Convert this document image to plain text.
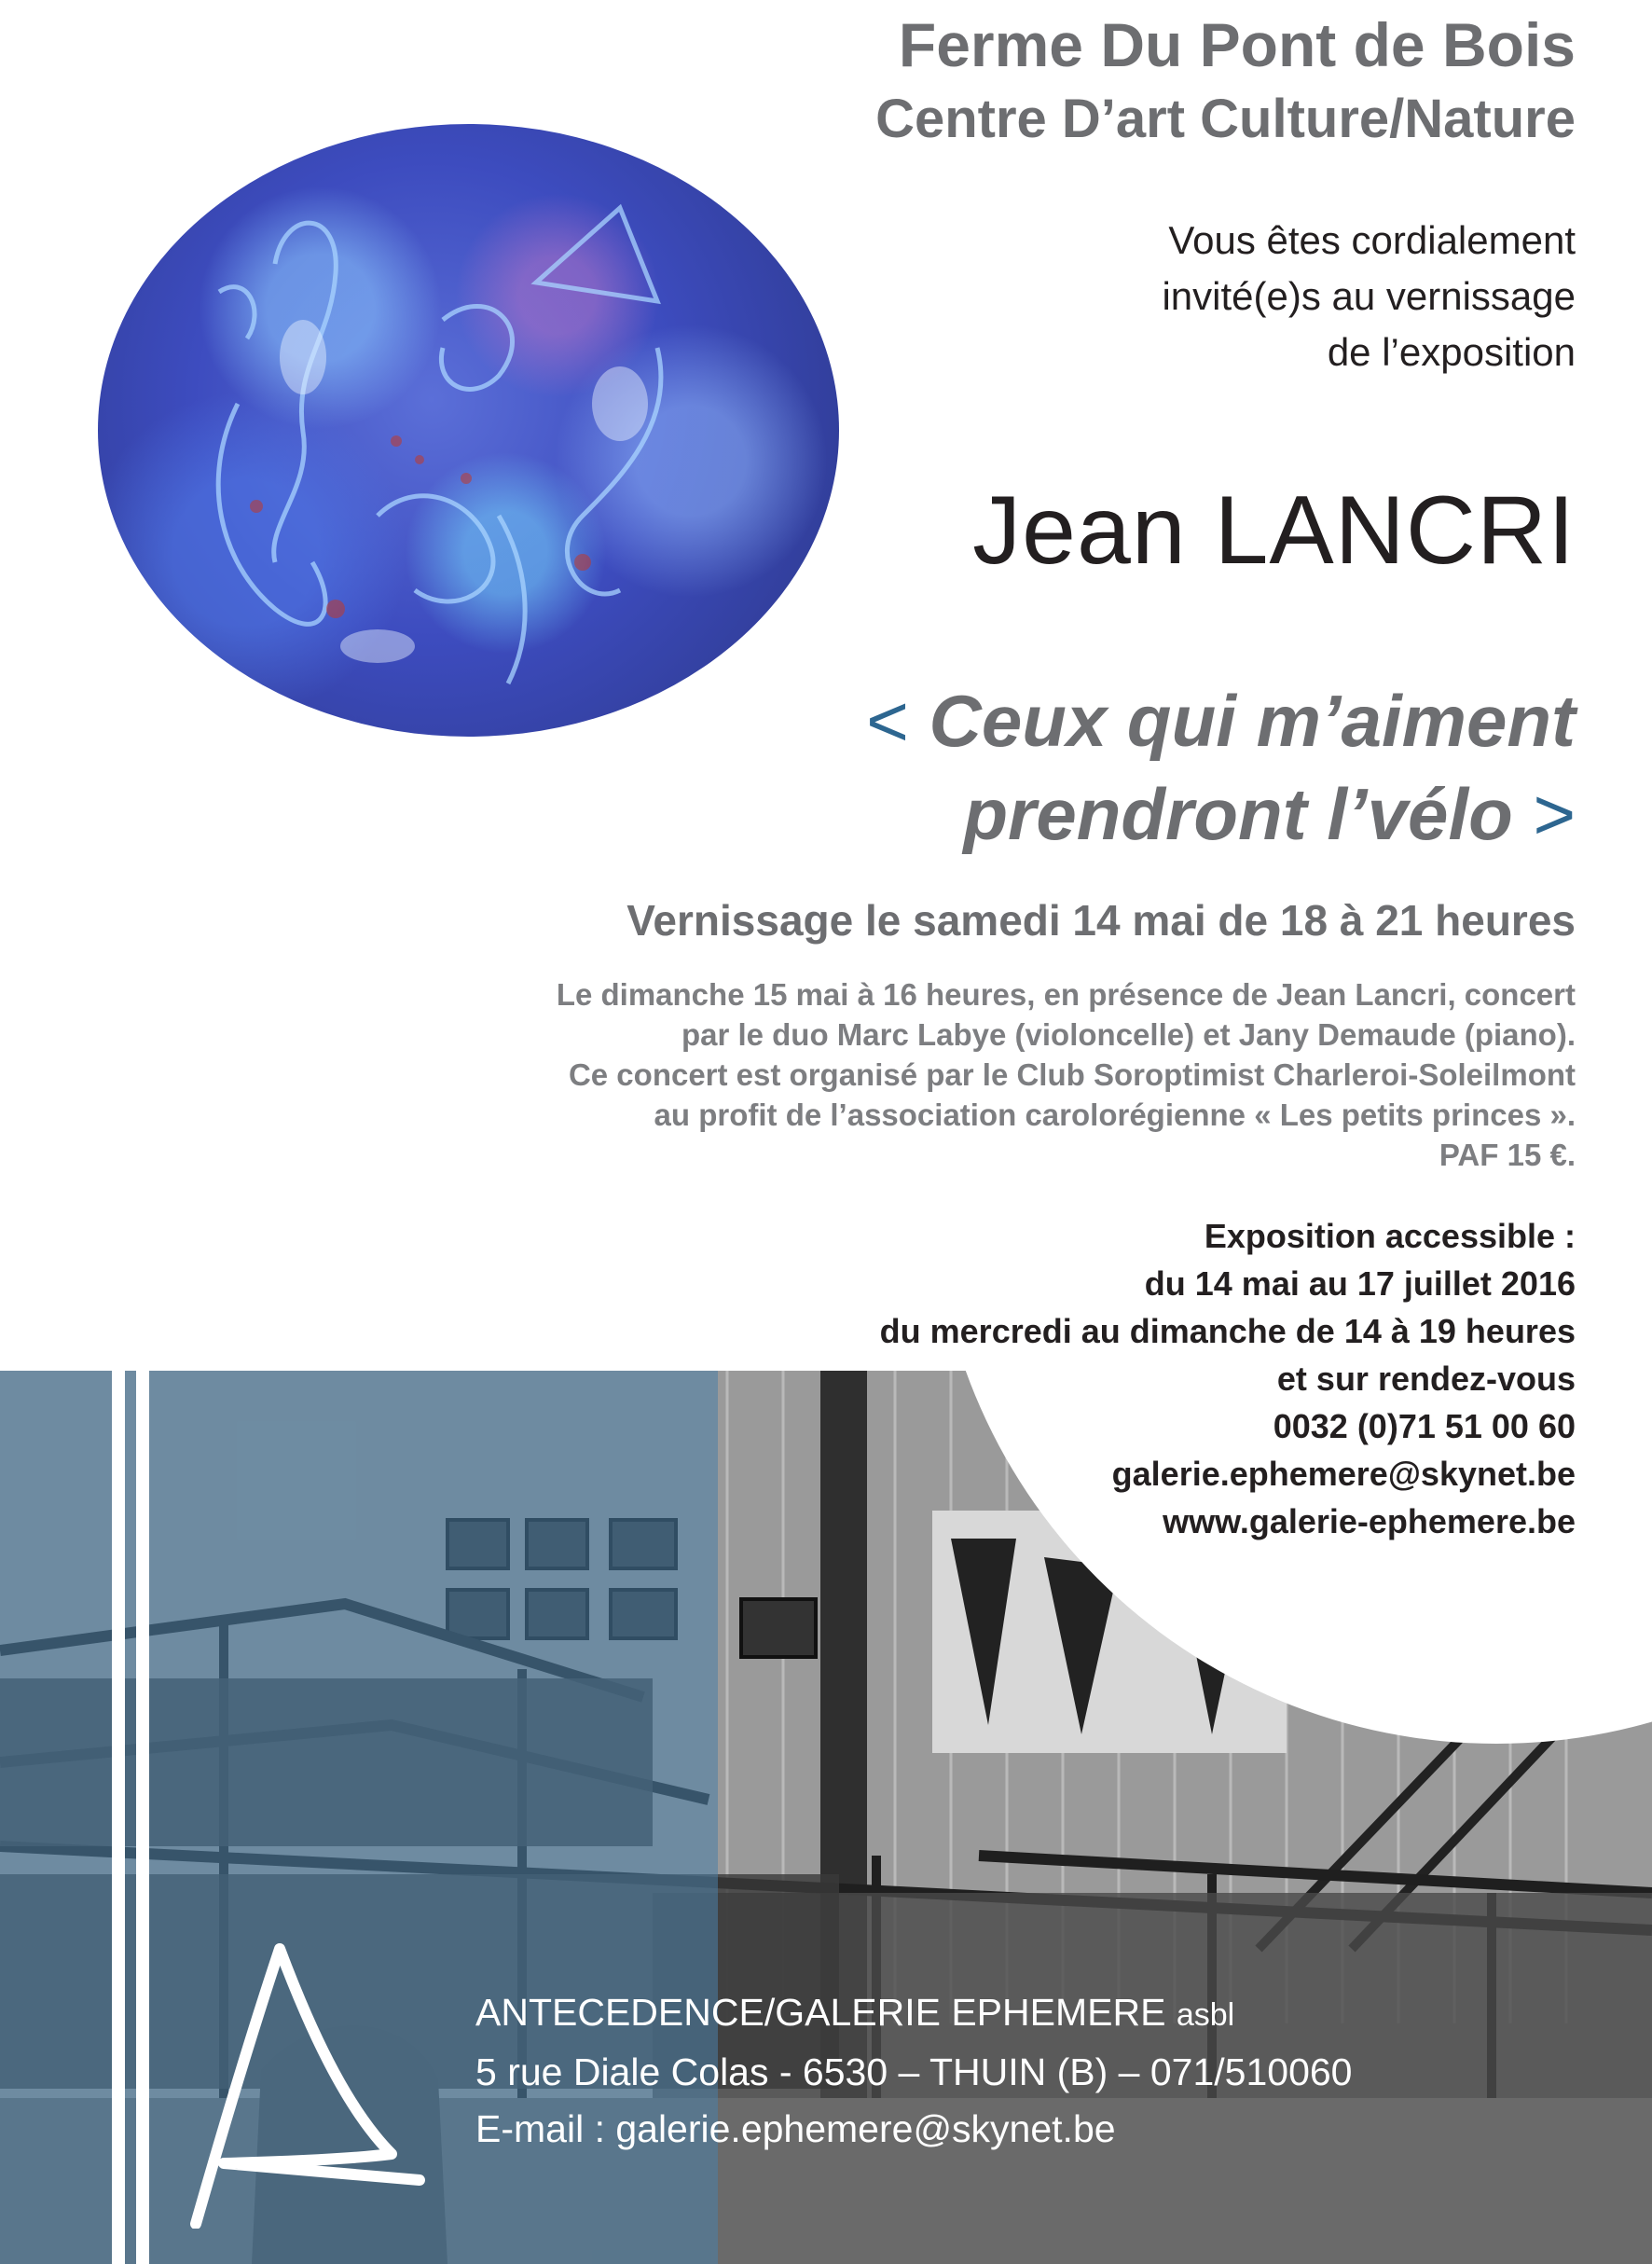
Ferme Du Pont de Bois
Centre D’art Culture/Nature
Vous êtes cordialement
invité(e)s au vernissage
de l’exposition
Jean LANCRI
< Ceux qui m’aiment
prendront l’vélo >
Vernissage le samedi 14 mai de 18 à 21 heures
Le dimanche 15 mai à 16 heures, en présence de Jean Lancri, concert
par le duo Marc Labye (violoncelle) et Jany Demaude (piano).
Ce concert est organisé par le Club Soroptimist Charleroi-Soleilmont
au profit de l’association carolorégienne « Les petits princes ».
PAF 15 €.
Exposition accessible :
du 14 mai au 17 juillet 2016
du mercredi au dimanche de 14 à 19 heures
et sur rendez-vous
0032 (0)71 51 00 60
galerie.ephemere@skynet.be
www.galerie-ephemere.be
ANTECEDENCE/GALERIE EPHEMERE asbl
5 rue Diale Colas - 6530 – THUIN (B) – 071/510060
E-mail : galerie.ephemere@skynet.be
